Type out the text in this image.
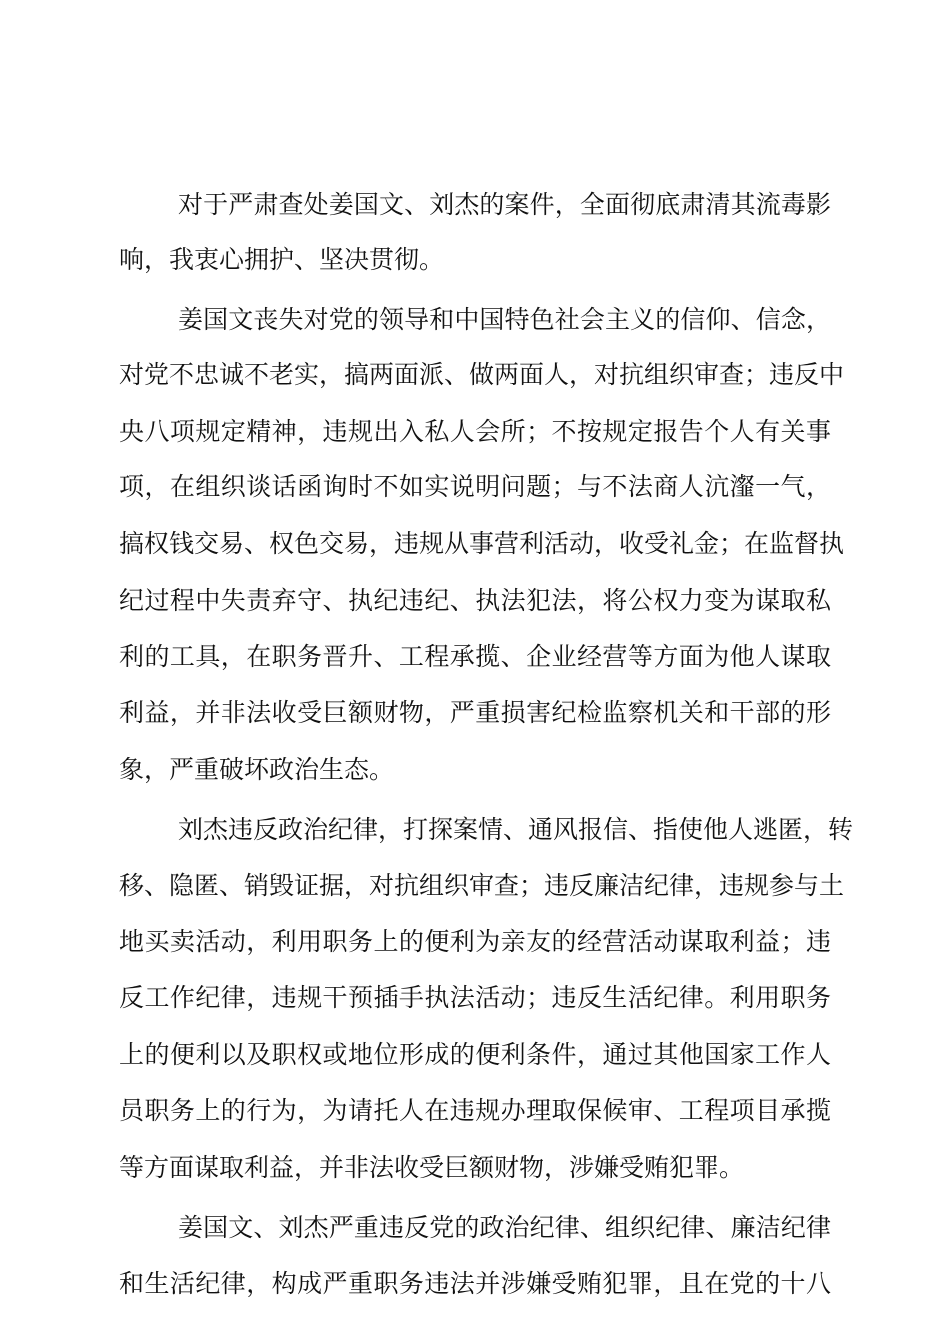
对于严肃查处姜国文、刘杰的案件，全面彻底肃清其流毒影
响，我衷心拥护、坚决贯彻。
姜国文丧失对党的领导和中国特色社会主义的信仰、信念，
对党不忠诚不老实，搞两面派、做两面人，对抗组织审查；违反中
央八项规定精神，违规出入私人会所；不按规定报告个人有关事
项，在组织谈话函询时不如实说明问题；与不法商人沆瀣一气，
搞权钱交易、权色交易，违规从事营利活动，收受礼金；在监督执
纪过程中失责弃守、执纪违纪、执法犯法，将公权力变为谋取私
利的工具，在职务晋升、工程承揽、企业经营等方面为他人谋取
利益，并非法收受巨额财物，严重损害纪检监察机关和干部的形
象，严重破坏政治生态。
刘杰违反政治纪律，打探案情、通风报信、指使他人逃匿，转
移、隐匿、销毁证据，对抗组织审查；违反廉洁纪律，违规参与土
地买卖活动，利用职务上的便利为亲友的经营活动谋取利益；违
反工作纪律，违规干预插手执法活动；违反生活纪律。利用职务
上的便利以及职权或地位形成的便利条件，通过其他国家工作人
员职务上的行为，为请托人在违规办理取保候审、工程项目承揽
等方面谋取利益，并非法收受巨额财物，涉嫌受贿犯罪。
姜国文、刘杰严重违反党的政治纪律、组织纪律、廉洁纪律
和生活纪律，构成严重职务违法并涉嫌受贿犯罪，且在党的十八
